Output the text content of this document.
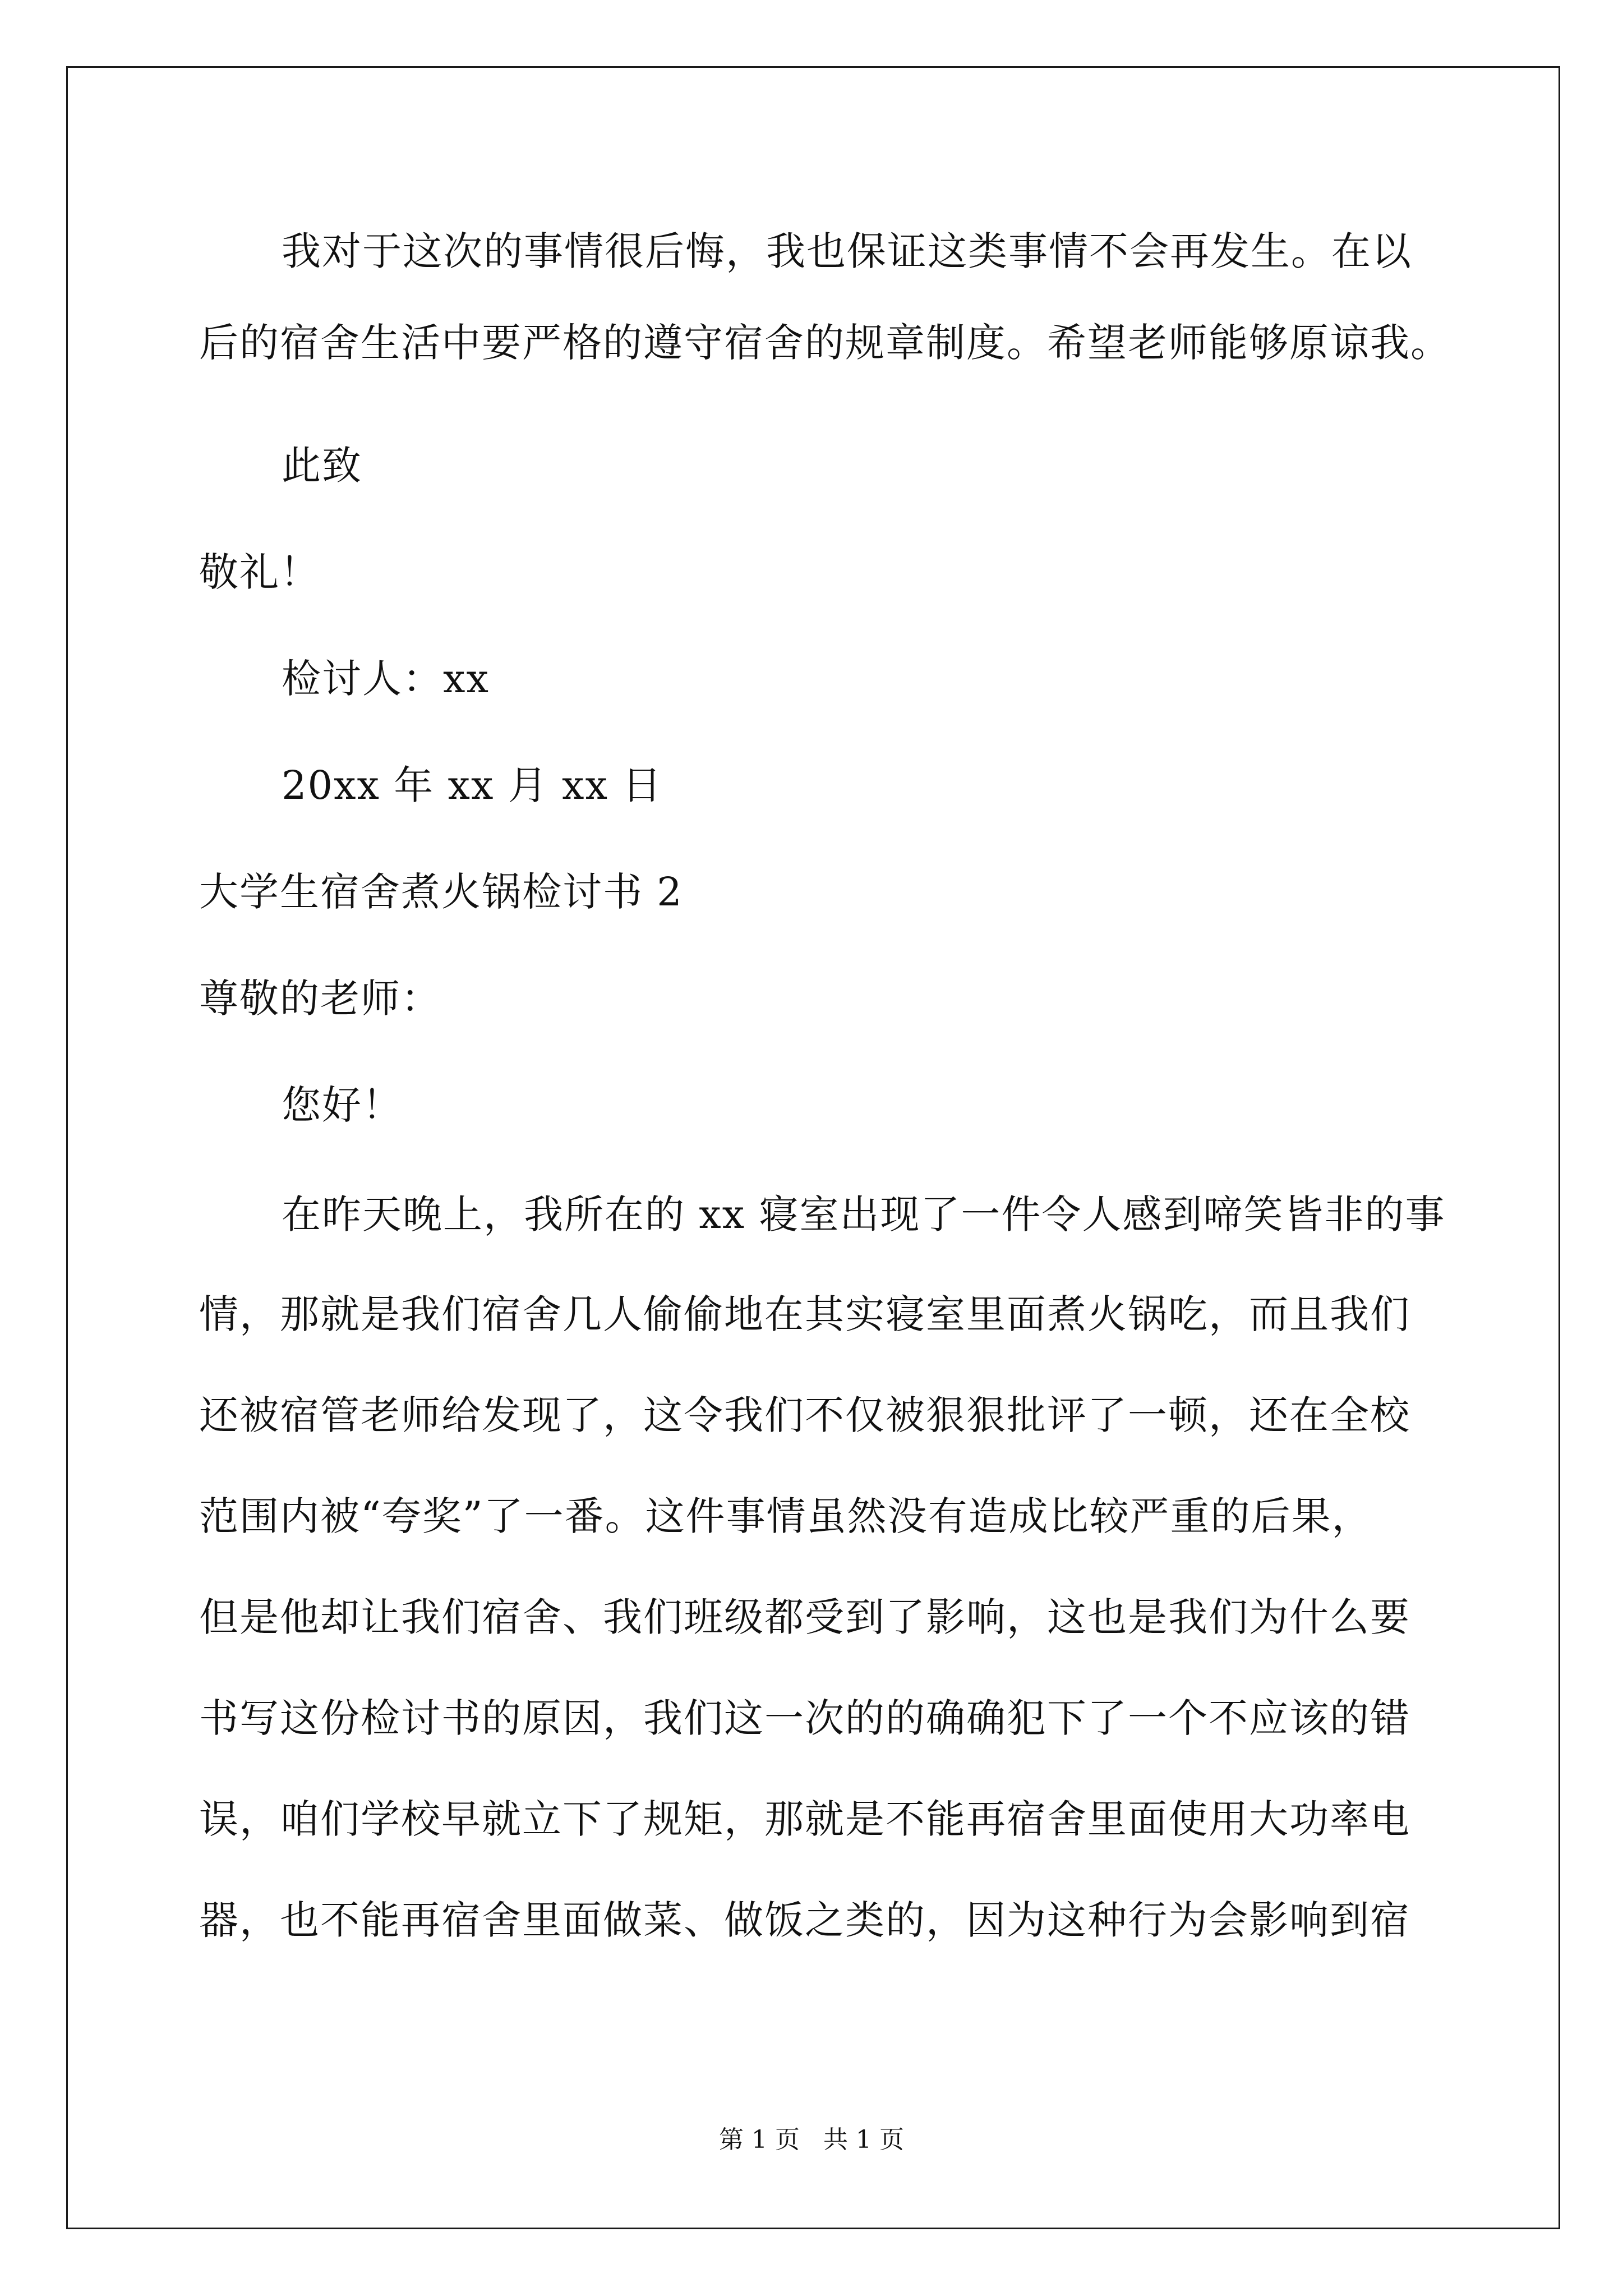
我对于这次的事情很后悔，我也保证这类事情不会再发生。在以
后的宿舍生活中要严格的遵守宿舍的规章制度。希望老师能够原谅我。
此致
敬礼！
检讨人：xx
20xx 年 xx 月 xx 日
大学生宿舍煮火锅检讨书 2
尊敬的老师：
您好！
在昨天晚上，我所在的 xx 寝室出现了一件令人感到啼笑皆非的事
情，那就是我们宿舍几人偷偷地在其实寝室里面煮火锅吃，而且我们
还被宿管老师给发现了，这令我们不仅被狠狠批评了一顿，还在全校
范围内被“夸奖”了一番。这件事情虽然没有造成比较严重的后果，
但是他却让我们宿舍、我们班级都受到了影响，这也是我们为什么要
书写这份检讨书的原因，我们这一次的的确确犯下了一个不应该的错
误，咱们学校早就立下了规矩，那就是不能再宿舍里面使用大功率电
器，也不能再宿舍里面做菜、做饭之类的，因为这种行为会影响到宿
第 1 页   共 1 页
